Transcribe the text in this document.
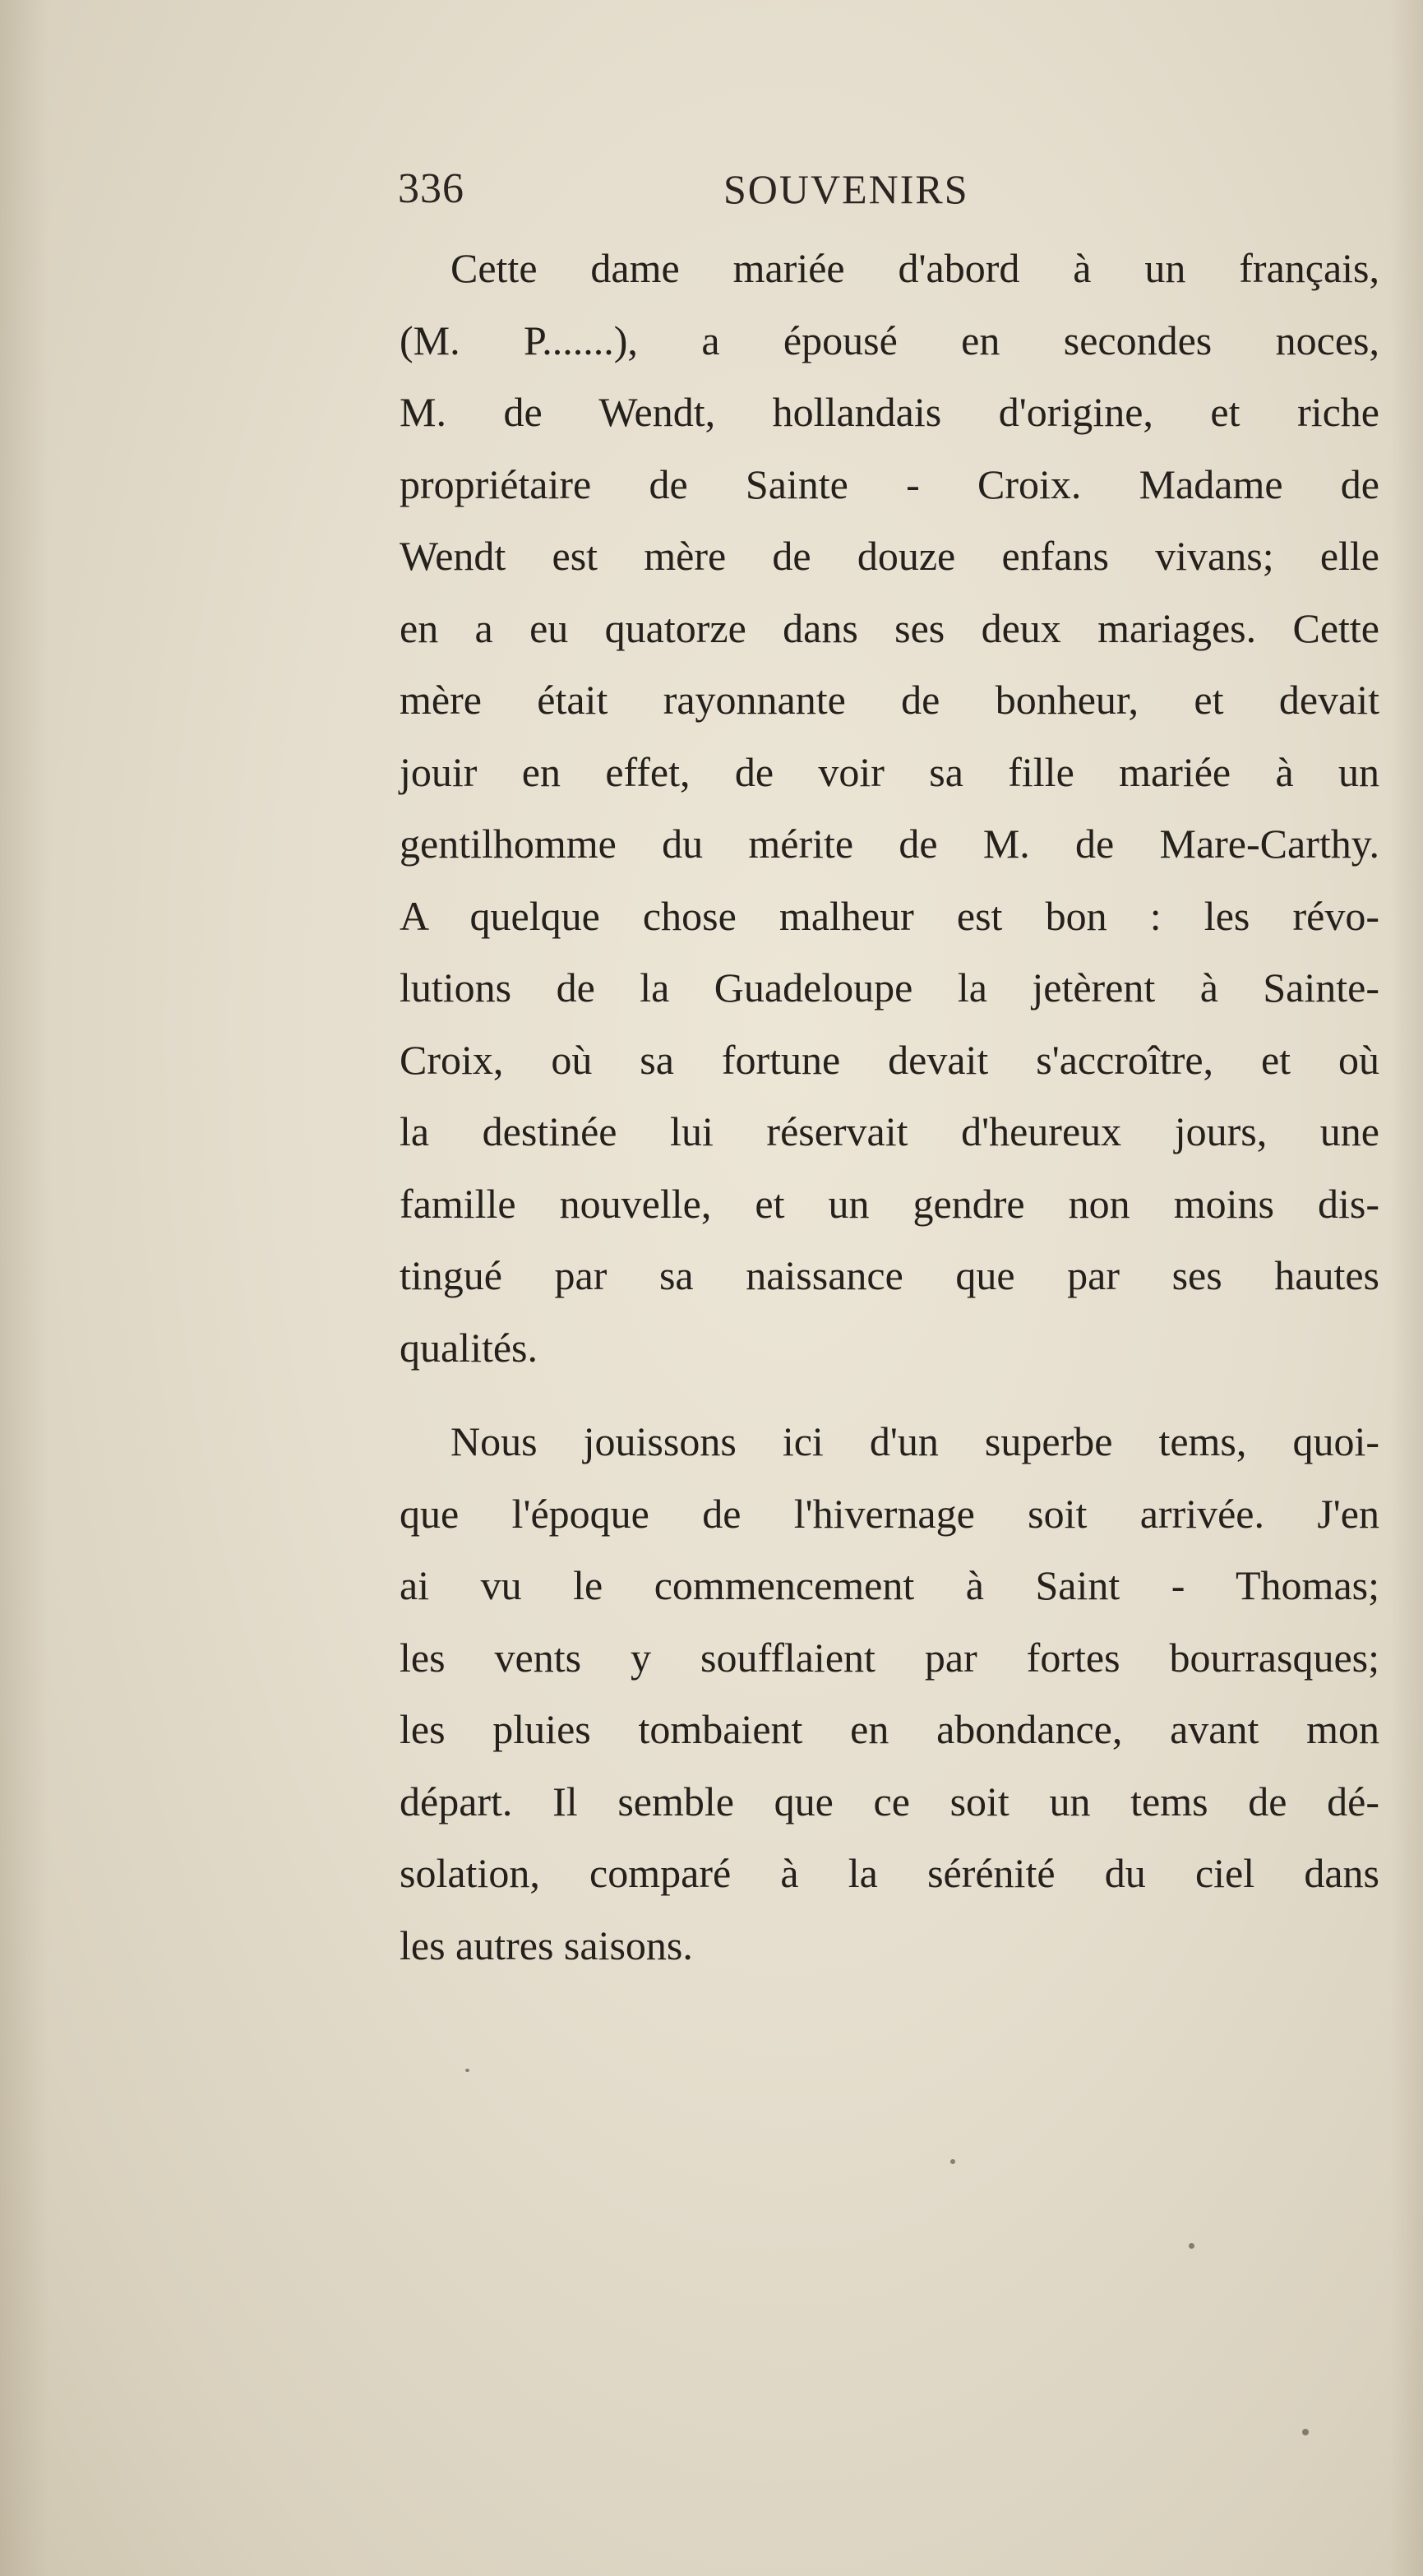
336	SOUVENIRS
Cette dame mariée d'abord à un français,
(M. P.......), a épousé en secondes noces,
M. de Wendt, hollandais d'origine, et riche
propriétaire de Sainte - Croix. Madame de
Wendt est mère de douze enfans vivans; elle
en a eu quatorze dans ses deux mariages. Cette
mère était rayonnante de bonheur, et devait
jouir en effet, de voir sa fille mariée à un
gentilhomme du mérite de M. de Mare-Carthy.
A quelque chose malheur est bon : les révo-
lutions de la Guadeloupe la jetèrent à Sainte-
Croix, où sa fortune devait s'accroître, et où
la destinée lui réservait d'heureux jours, une
famille nouvelle, et un gendre non moins dis-
tingué par sa naissance que par ses hautes
qualités.
Nous jouissons ici d'un superbe tems, quoi-
que l'époque de l'hivernage soit arrivée. J'en
ai vu le commencement à Saint - Thomas;
les vents y soufflaient par fortes bourrasques;
les pluies tombaient en abondance, avant mon
départ. Il semble que ce soit un tems de dé-
solation, comparé à la sérénité du ciel dans
les autres saisons.
